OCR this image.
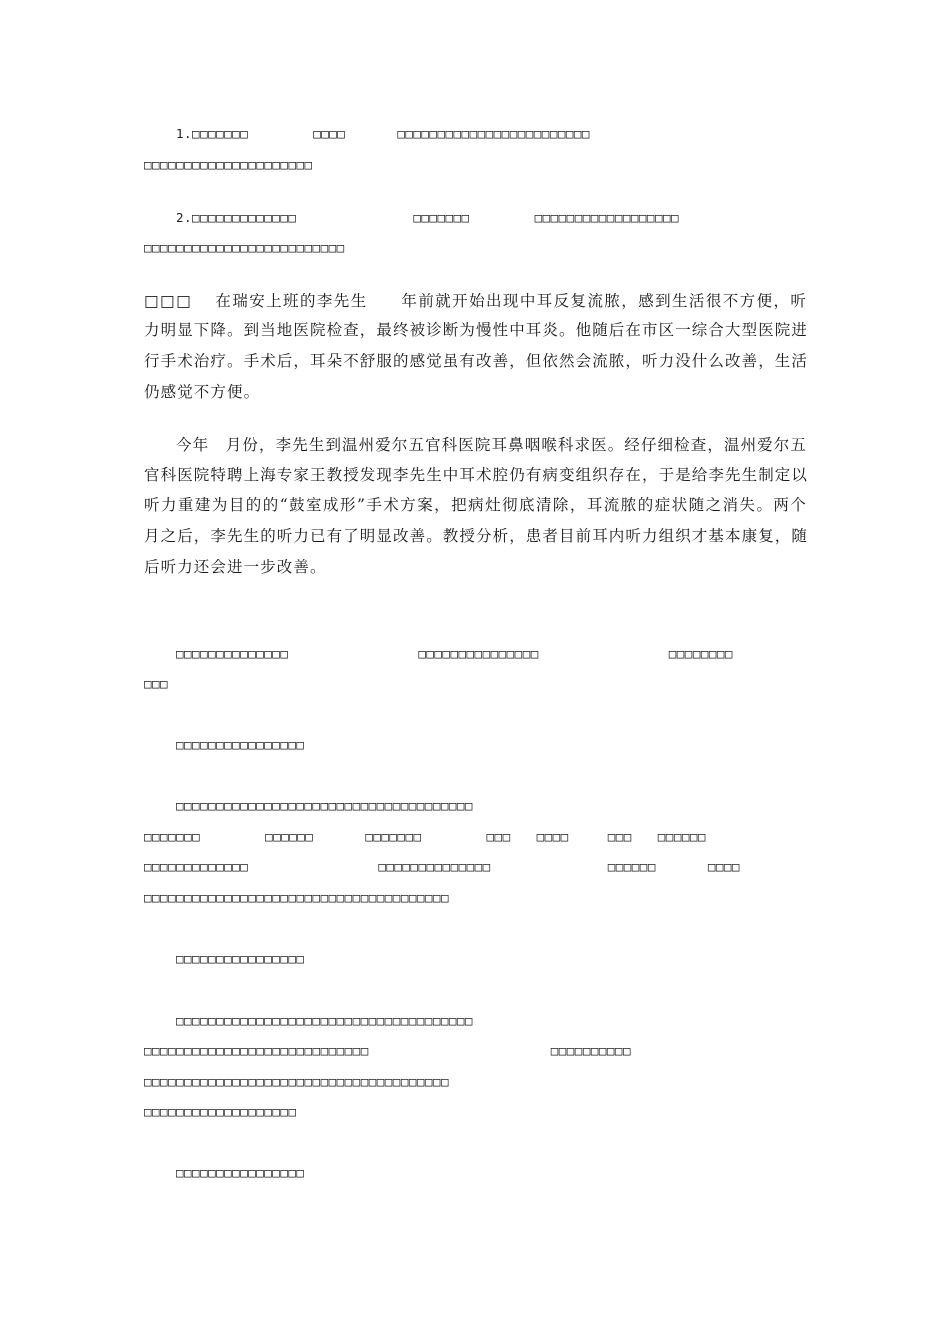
1.□□□□□□□　　　　　□□□□　　　　□□□□□□□□□□□□□□□□□□□□□□□□
□□□□□□□□□□□□□□□□□□□□□
2.□□□□□□□□□□□□□　　　　　　　　　□□□□□□□　　　　　□□□□□□□□□□□□□□□□□□
□□□□□□□□□□□□□□□□□□□□□□□□□
□□□　 在瑞安上班的李先生　　年前就开始出现中耳反复流脓，感到生活很不方便，听
力明显下降。到当地医院检查，最终被诊断为慢性中耳炎。他随后在市区一综合大型医院进
行手术治疗。手术后，耳朵不舒服的感觉虽有改善，但依然会流脓，听力没什么改善，生活
仍感觉不方便。
今年　月份，李先生到温州爱尔五官科医院耳鼻咽喉科求医。经仔细检查，温州爱尔五
官科医院特聘上海专家王教授发现李先生中耳术腔仍有病变组织存在，于是给李先生制定以
听力重建为目的的“鼓室成形”手术方案，把病灶彻底清除，耳流脓的症状随之消失。两个
月之后，李先生的听力已有了明显改善。教授分析，患者目前耳内听力组织才基本康复，随
后听力还会进一步改善。
□□□□□□□□□□□□□□　　　　　　　　　　□□□□□□□□□□□□□□□　　　　　　　　　　□□□□□□□□
□□□
□□□□□□□□□□□□□□□□
□□□□□□□□□□□□□□□□□□□□□□□□□□□□□□□□□□□□□
□□□□□□□　　　　　□□□□□□　　　　□□□□□□□　　　　　□□□　　□□□□　　　□□□　　□□□□□□
□□□□□□□□□□□□□　　　　　　　　　　□□□□□□□□□□□□□□　　　　　　　　　□□□□□□　　　　□□□□
□□□□□□□□□□□□□□□□□□□□□□□□□□□□□□□□□□□□□□
□□□□□□□□□□□□□□□□
□□□□□□□□□□□□□□□□□□□□□□□□□□□□□□□□□□□□□
□□□□□□□□□□□□□□□□□□□□□□□□□□□□　　　　　　　　　　　　　　□□□□□□□□□□
□□□□□□□□□□□□□□□□□□□□□□□□□□□□□□□□□□□□□□
□□□□□□□□□□□□□□□□□□□
□□□□□□□□□□□□□□□□
